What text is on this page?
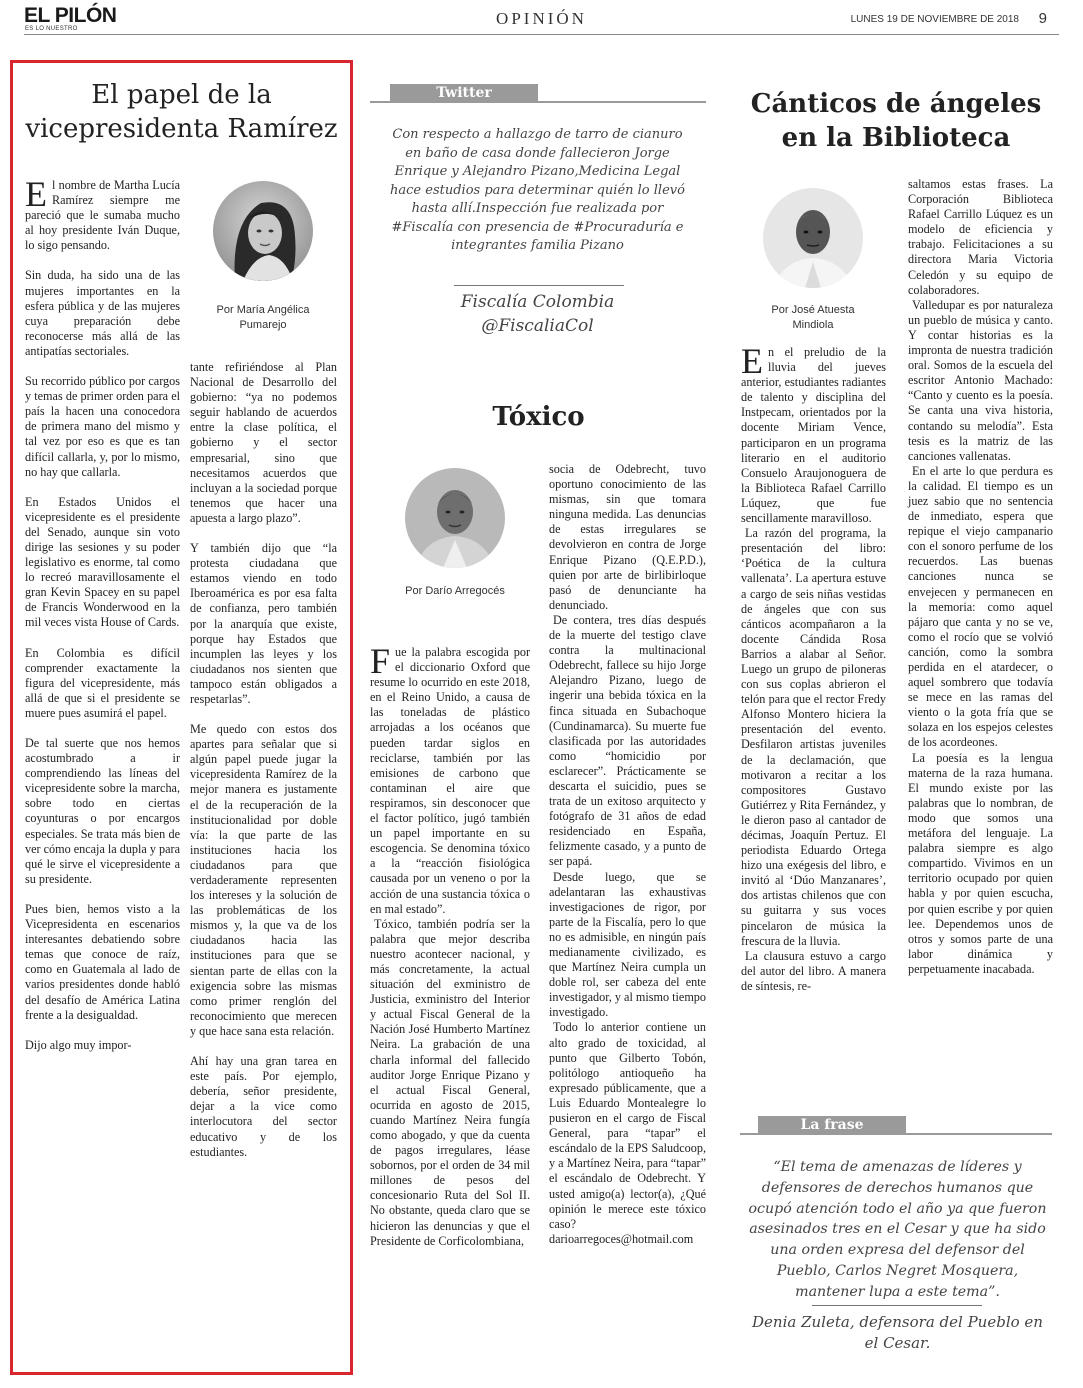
EL PILÓN
ES LO NUESTRO
OPINIÓN	LUNES 19 DE NOVIEMBRE DE 2018 9
El papel de la vicepresidenta Ramírez

El nombre de Martha Lucía Ramírez siempre me pareció que le sumaba mucho al hoy presidente Iván Duque, lo sigo pensando.

Sin duda, ha sido una de las mujeres importantes en la esfera pública y de las mujeres cuya preparación debe reconocerse más allá de las antipatías sectoriales.

Su recorrido público por cargos y temas de primer orden para el país la hacen una conocedora de primera mano del mismo y tal vez por eso es que es tan difícil callarla, y, por lo mismo, no hay que callarla.

En Estados Unidos el vicepresidente es el presidente del Senado, aunque sin voto dirige las sesiones y su poder legislativo es enorme, tal como lo recreó maravillosamente el gran Kevin Spacey en su papel de Francis Wonderwood en la mil veces vista House of Cards.

En Colombia es difícil comprender exactamente la figura del vicepresidente, más allá de que si el presidente se muere pues asumirá el papel.

De tal suerte que nos hemos acostumbrado a ir comprendiendo las líneas del vicepresidente sobre la marcha, sobre todo en ciertas coyunturas o por encargos especiales. Se trata más bien de ver cómo encaja la dupla y para qué le sirve el vicepresidente a su presidente.

Pues bien, hemos visto a la Vicepresidenta en escenarios interesantes debatiendo sobre temas que conoce de raíz, como en Guatemala al lado de varios presidentes donde habló del desafío de América Latina frente a la desigualdad.

Dijo algo muy impor-

Por María Angélica Pumarejo

tante refiriéndose al Plan Nacional de Desarrollo del gobierno: “ya no podemos seguir hablando de acuerdos entre la clase política, el gobierno y el sector empresarial, sino que necesitamos acuerdos que incluyan a la sociedad porque tenemos que hacer una apuesta a largo plazo”.

Y también dijo que “la protesta ciudadana que estamos viendo en todo Iberoamérica es por esa falta de confianza, pero también por la anarquía que existe, porque hay Estados que incumplen las leyes y los ciudadanos nos sienten que tampoco están obligados a respetarlas”.

Me quedo con estos dos apartes para señalar que si algún papel puede jugar la vicepresidenta Ramírez de la mejor manera es justamente el de la recuperación de la institucionalidad por doble vía: la que parte de las instituciones hacia los ciudadanos para que verdaderamente representen los intereses y la solución de las problemáticas de los mismos y, la que va de los ciudadanos hacia las instituciones para que se sientan parte de ellas con la exigencia sobre las mismas como primer renglón del reconocimiento que merecen y que hace sana esta relación.

Ahí hay una gran tarea en este país. Por ejemplo, debería, señor presidente, dejar a la vice como interlocutora del sector educativo y de los estudiantes.

Twitter
Con respecto a hallazgo de tarro de cianuro en baño de casa donde fallecieron Jorge Enrique y Alejandro Pizano,Medicina Legal hace estudios para determinar quién lo llevó hasta allí.Inspección fue realizada por #Fiscalía con presencia de #Procuraduría e integrantes familia Pizano
Fiscalía Colombia
@FiscaliaCol
Tóxico
Por Darío Arregocés

Fue la palabra escogida por el diccionario Oxford que resume lo ocurrido en este 2018, en el Reino Unido, a causa de las toneladas de plástico arrojadas a los océanos que pueden tardar siglos en reciclarse, también por las emisiones de carbono que contaminan el aire que respiramos, sin desconocer que el factor político, jugó también un papel importante en su escogencia. Se denomina tóxico a la “reacción fisiológica causada por un veneno o por la acción de una sustancia tóxica o en mal estado”.

Tóxico, también podría ser la palabra que mejor describa nuestro acontecer nacional, y más concretamente, la actual situación del exministro de Justicia, exministro del Interior y actual Fiscal General de la Nación José Humberto Martínez Neira. La grabación de una charla informal del fallecido auditor Jorge Enrique Pizano y el actual Fiscal General, ocurrida en agosto de 2015, cuando Martínez Neira fungía como abogado, y que da cuenta de pagos irregulares, léase sobornos, por el orden de 34 mil millones de pesos del concesionario Ruta del Sol II. No obstante, queda claro que se hicieron las denuncias y que el Presidente de Corficolombiana,

socia de Odebrecht, tuvo oportuno conocimiento de las mismas, sin que tomara ninguna medida. Las denuncias de estas irregulares se devolvieron en contra de Jorge Enrique Pizano (Q.E.P.D.), quien por arte de birlibirloque pasó de denunciante ha denunciado.

De contera, tres días después de la muerte del testigo clave contra la multinacional Odebrecht, fallece su hijo Jorge Alejandro Pizano, luego de ingerir una bebida tóxica en la finca situada en Subachoque (Cundinamarca). Su muerte fue clasificada por las autoridades como “homicidio por esclarecer”. Prácticamente se descarta el suicidio, pues se trata de un exitoso arquitecto y fotógrafo de 31 años de edad residenciado en España, felizmente casado, y a punto de ser papá.

Desde luego, que se adelantaran las exhaustivas investigaciones de rigor, por parte de la Fiscalía, pero lo que no es admisible, en ningún país medianamente civilizado, es que Martínez Neira cumpla un doble rol, ser cabeza del ente investigador, y al mismo tiempo investigado.

Todo lo anterior contiene un alto grado de toxicidad, al punto que Gilberto Tobón, politólogo antioqueño ha expresado públicamente, que a Luis Eduardo Montealegre lo pusieron en el cargo de Fiscal General, para “tapar” el escándalo de la EPS Saludcoop, y a Martínez Neira, para “tapar” el escándalo de Odebrecht. Y usted amigo(a) lector(a), ¿Qué opinión le merece este tóxico caso? darioarregoces@hotmail.com

Cánticos de ángeles en la Biblioteca
Por José Atuesta Mindiola

En el preludio de la lluvia del jueves anterior, estudiantes radiantes de talento y disciplina del Instpecam, orientados por la docente Miriam Vence, participaron en un programa literario en el auditorio Consuelo Araujonoguera de la Biblioteca Rafael Carrillo Lúquez, que fue sencillamente maravilloso.

La razón del programa, la presentación del libro: ‘Poética de la cultura vallenata’. La apertura estuve a cargo de seis niñas vestidas de ángeles que con sus cánticos acompañaron a la docente Cándida Rosa Barrios a alabar al Señor. Luego un grupo de piloneras con sus coplas abrieron el telón para que el rector Fredy Alfonso Montero hiciera la presentación del evento. Desfilaron artistas juveniles de la declamación, que motivaron a recitar a los compositores Gustavo Gutiérrez y Rita Fernández, y le dieron paso al cantador de décimas, Joaquín Pertuz. El periodista Eduardo Ortega hizo una exégesis del libro, e invitó al ‘Dúo Manzanares’, dos artistas chilenos que con su guitarra y sus voces pincelaron de música la frescura de la lluvia.

La clausura estuvo a cargo del autor del libro. A manera de síntesis, re-

saltamos estas frases. La Corporación Biblioteca Rafael Carrillo Lúquez es un modelo de eficiencia y trabajo. Felicitaciones a su directora Maria Victoria Celedón y su equipo de colaboradores.

Valledupar es por naturaleza un pueblo de música y canto. Y contar historias es la impronta de nuestra tradición oral. Somos de la escuela del escritor Antonio Machado: “Canto y cuento es la poesía. Se canta una viva historia, contando su melodía”. Esta tesis es la matriz de las canciones vallenatas.

En el arte lo que perdura es la calidad. El tiempo es un juez sabio que no sentencia de inmediato, espera que repique el viejo campanario con el sonoro perfume de los recuerdos. Las buenas canciones nunca se envejecen y permanecen en la memoria: como aquel pájaro que canta y no se ve, como el rocío que se volvió canción, como la sombra perdida en el atardecer, o aquel sombrero que todavía se mece en las ramas del viento o la gota fría que se solaza en los espejos celestes de los acordeones.

La poesía es la lengua materna de la raza humana. El mundo existe por las palabras que lo nombran, de modo que somos una metáfora del lenguaje. La palabra siempre es algo compartido. Vivimos en un territorio ocupado por quien habla y por quien escucha, por quien escribe y por quien lee. Dependemos unos de otros y somos parte de una labor dinámica y perpetuamente inacabada.

La frase
“El tema de amenazas de líderes y defensores de derechos humanos que ocupó atención todo el año ya que fueron asesinados tres en el Cesar y que ha sido una orden expresa del defensor del Pueblo, Carlos Negret Mosquera, mantener lupa a este tema”.
Denia Zuleta, defensora del Pueblo en el Cesar.
